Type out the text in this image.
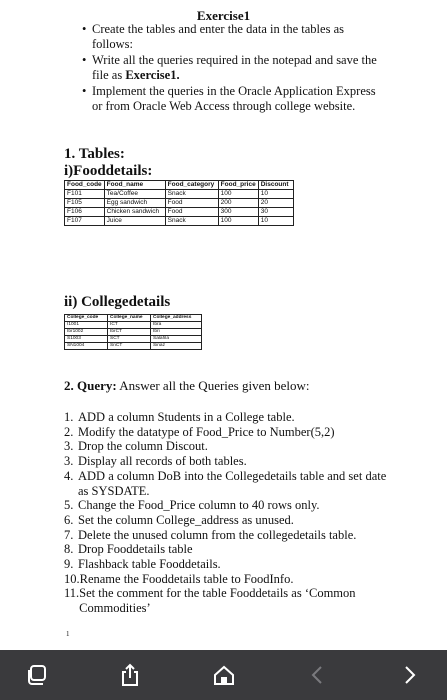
Exercise1
• Create the tables and enter the data in the tables as follows:
• Write all the queries required in the notepad and save the file as Exercise1.
• Implement the queries in the Oracle Application Express or from Oracle Web Access through college website.
1. Tables:
i)Fooddetails:
Food_code	Food_name	Food_category	Food_price	Discount
F101	Tea/Coffee	Snack	100	10
F105	Egg sandwich	Food	200	20
F106	Chicken sandwich	Food	300	30
F107	Juice	Snack	100	10
ii) Collegedetails
College_code	College_name	College_address
I1001	ICT	Ibra
Ibr1002	IbrCT	Ibri
S1003	SCT	Salahla
SN1004	SnCT	Sinaz
2. Query: Answer all the Queries given below:
1. ADD a column Students in a College table.
2. Modify the datatype of Food_Price to Number(5,2)
3. Drop the column Discout.
3. Display all records of both tables.
4. ADD a column DoB into the Collegedetails table and set date as SYSDATE.
5. Change the Food_Price column to 40 rows only.
6. Set the column College_address as unused.
7. Delete the unused column from the collegedetails table.
8. Drop Fooddetails table
9. Flashback table Fooddetails.
10. Rename the Fooddetails table to FoodInfo.
11. Set the comment for the table Fooddetails as ‘Common Commodities’
1
